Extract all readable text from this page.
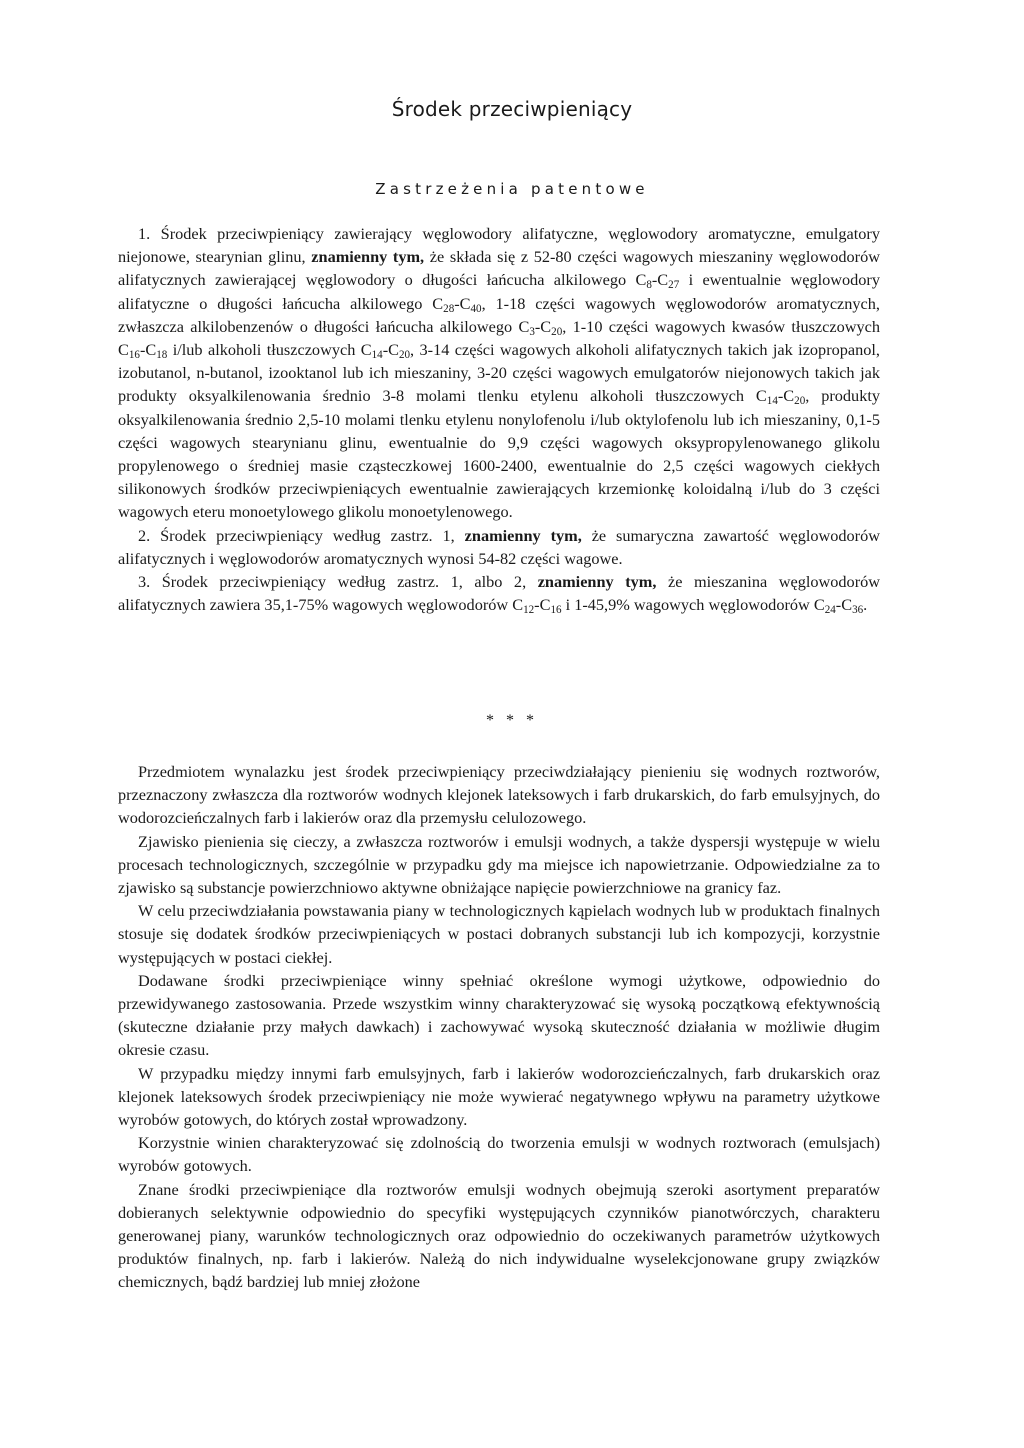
Środek przeciwpieniący
Zastrzeżenia patentowe

1. Środek przeciwpieniący zawierający węglowodory alifatyczne, węglowodory aromatyczne, emulgatory niejonowe, stearynian glinu, znamienny tym, że składa się z 52-80 części wagowych mieszaniny węglowodorów alifatycznych zawierającej węglowodory o długości łańcucha alkilowego $C_8-C_{27}$ i ewentualnie węglowodory alifatyczne o długości łańcucha alkilowego $C_{28}-C_{40}$, 1-18 części wagowych węglowodorów aromatycznych, zwłaszcza alkilobenzenów o długości łańcucha alkilowego $C_3-C_{20}$, 1-10 części wagowych kwasów tłuszczowych $C_{16}-C_{18}$ i/lub alkoholi tłuszczowych $C_{14}-C_{20}$, 3-14 części wagowych alkoholi alifatycznych takich jak izopropanol, izobutanol, n-butanol, izooktanol lub ich mieszaniny, 3-20 części wagowych emulgatorów niejonowych takich jak produkty oksyalkilenowania średnio 3-8 molami tlenku etylenu alkoholi tłuszczowych $C_{14}-C_{20}$, produkty oksyalkilenowania średnio 2,5-10 molami tlenku etylenu nonylofenolu i/lub oktylofenolu lub ich mieszaniny, 0,1-5 części wagowych stearynianu glinu, ewentualnie do 9,9 części wagowych oksypropylenowanego glikolu propylenowego o średniej masie cząsteczkowej 1600-2400, ewentualnie do 2,5 części wagowych ciekłych silikonowych środków przeciwpieniących ewentualnie zawierających krzemionkę koloidalną i/lub do 3 części wagowych eteru monoetylowego glikolu monoetylenowego.

2. Środek przeciwpieniący według zastrz. 1, znamienny tym, że sumaryczna zawartość węglowodorów alifatycznych i węglowodorów aromatycznych wynosi 54-82 części wagowe.

3. Środek przeciwpieniący według zastrz. 1, albo 2, znamienny tym, że mieszanina węglowodorów alifatycznych zawiera 35,1-75% wagowych węglowodorów $C_{12}-C_{16}$ i 1-45,9% wagowych węglowodorów $C_{24}-C_{36}$.

* * *

Przedmiotem wynalazku jest środek przeciwpieniący przeciwdziałający pienieniu się wodnych roztworów, przeznaczony zwłaszcza dla roztworów wodnych klejonek lateksowych i farb drukarskich, do farb emulsyjnych, do wodorozcieńczalnych farb i lakierów oraz dla przemysłu celulozowego.

Zjawisko pienienia się cieczy, a zwłaszcza roztworów i emulsji wodnych, a także dyspersji występuje w wielu procesach technologicznych, szczególnie w przypadku gdy ma miejsce ich napowietrzanie. Odpowiedzialne za to zjawisko są substancje powierzchniowo aktywne obniżające napięcie powierzchniowe na granicy faz.

W celu przeciwdziałania powstawania piany w technologicznych kąpielach wodnych lub w produktach finalnych stosuje się dodatek środków przeciwpieniących w postaci dobranych substancji lub ich kompozycji, korzystnie występujących w postaci ciekłej.

Dodawane środki przeciwpieniące winny spełniać określone wymogi użytkowe, odpowiednio do przewidywanego zastosowania. Przede wszystkim winny charakteryzować się wysoką początkową efektywnością (skuteczne działanie przy małych dawkach) i zachowywać wysoką skuteczność działania w możliwie długim okresie czasu.

W przypadku między innymi farb emulsyjnych, farb i lakierów wodorozcieńczalnych, farb drukarskich oraz klejonek lateksowych środek przeciwpieniący nie może wywierać negatywnego wpływu na parametry użytkowe wyrobów gotowych, do których został wprowadzony.

Korzystnie winien charakteryzować się zdolnością do tworzenia emulsji w wodnych roztworach (emulsjach) wyrobów gotowych.

Znane środki przeciwpieniące dla roztworów emulsji wodnych obejmują szeroki asortyment preparatów dobieranych selektywnie odpowiednio do specyfiki występujących czynników pianotwórczych, charakteru generowanej piany, warunków technologicznych oraz odpowiednio do oczekiwanych parametrów użytkowych produktów finalnych, np. farb i lakierów. Należą do nich indywidualne wyselekcjonowane grupy związków chemicznych, bądź bardziej lub mniej złożone
